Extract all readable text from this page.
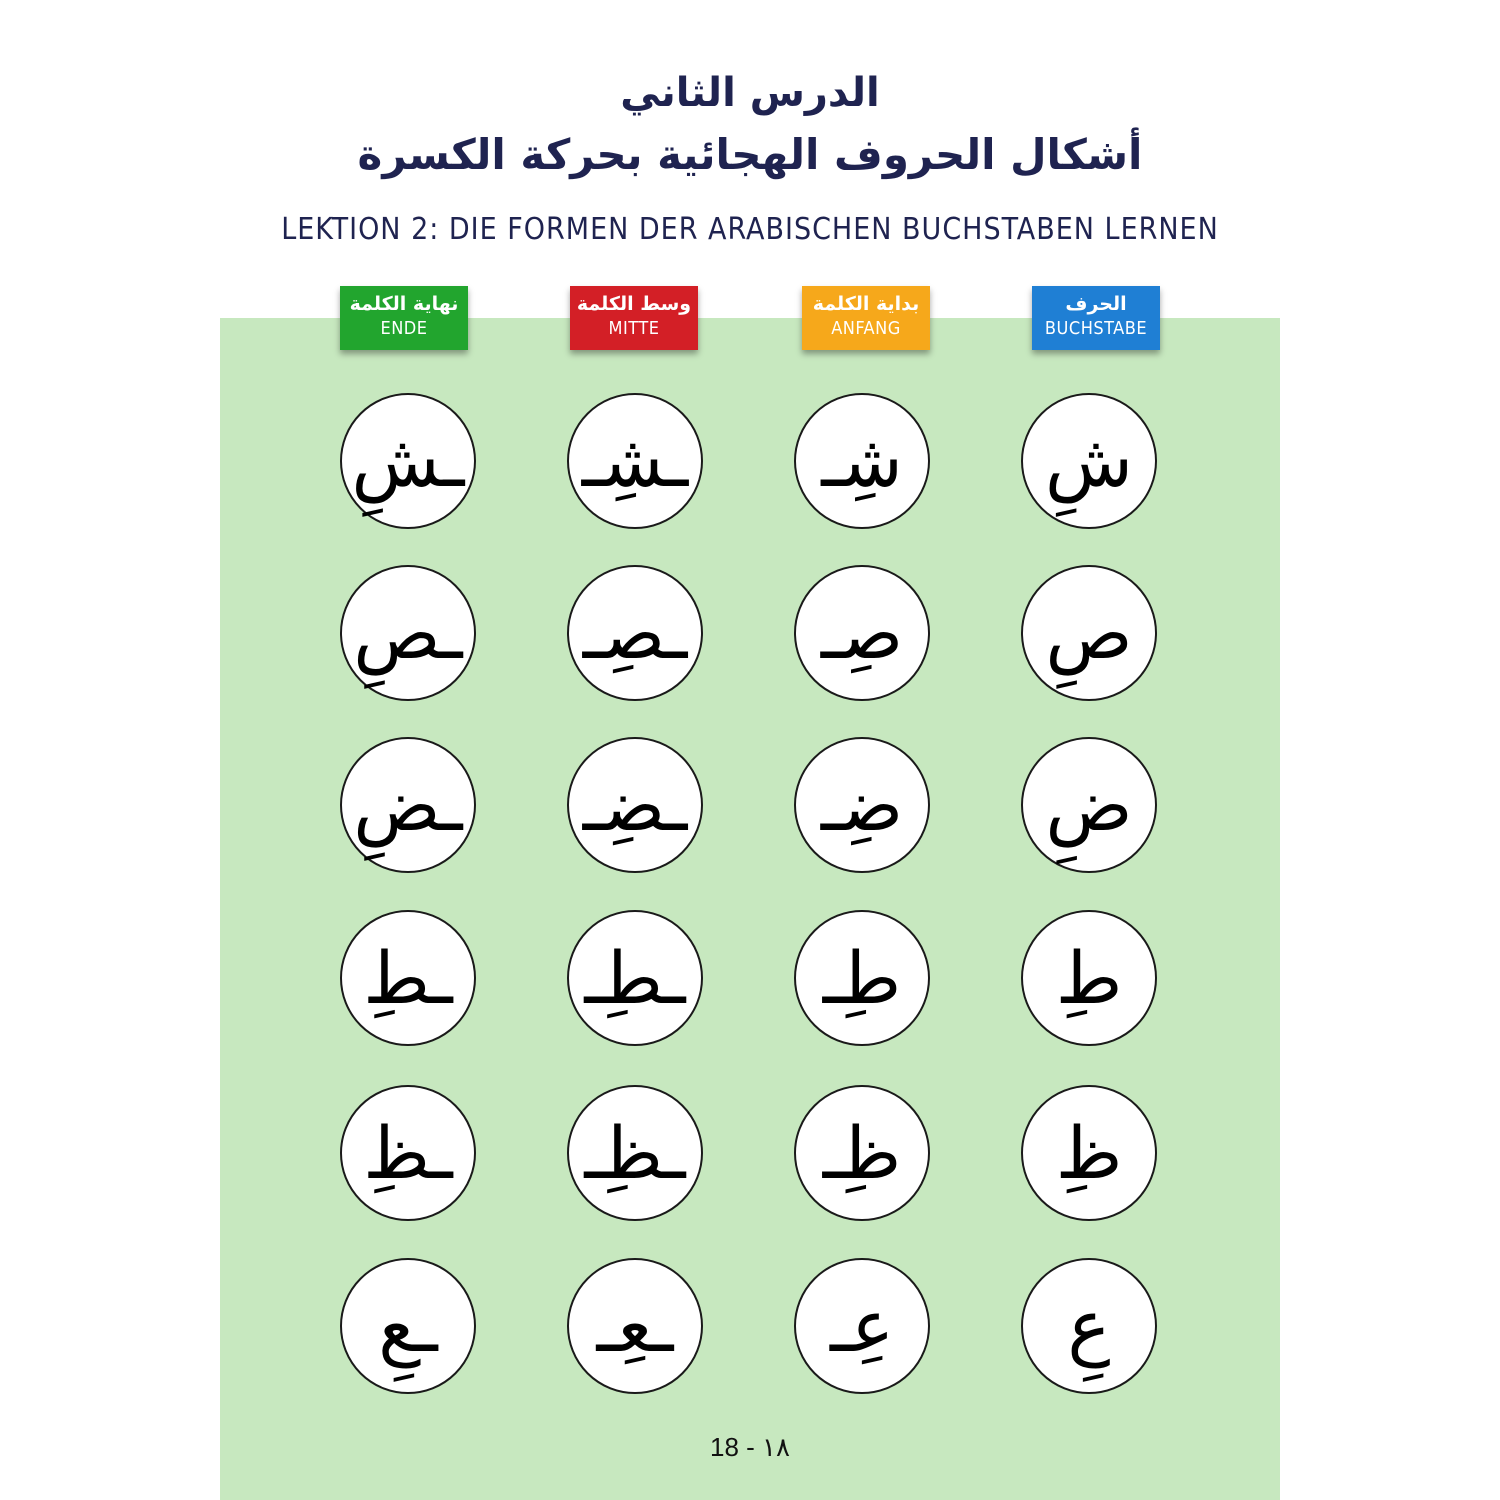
الدرس الثاني
أشكال الحروف الهجائية بحركة الكسرة
LEKTION 2: DIE FORMEN DER ARABISCHEN BUCHSTABEN LERNEN
نهاية الكلمة
ENDE
وسط الكلمة
MITTE
بداية الكلمة
ANFANG
الحرف
BUCHSTABE
ـشِ ـشِـ شِـ شِ
ـصِ ـصِـ صِـ صِ
ـضِ ـضِـ ضِـ ضِ
ـطِ ـطِـ طِـ طِ
ـظِ ـظِـ ظِـ ظِ
ـعِ ـعِـ عِـ عِ
18 - ١٨
